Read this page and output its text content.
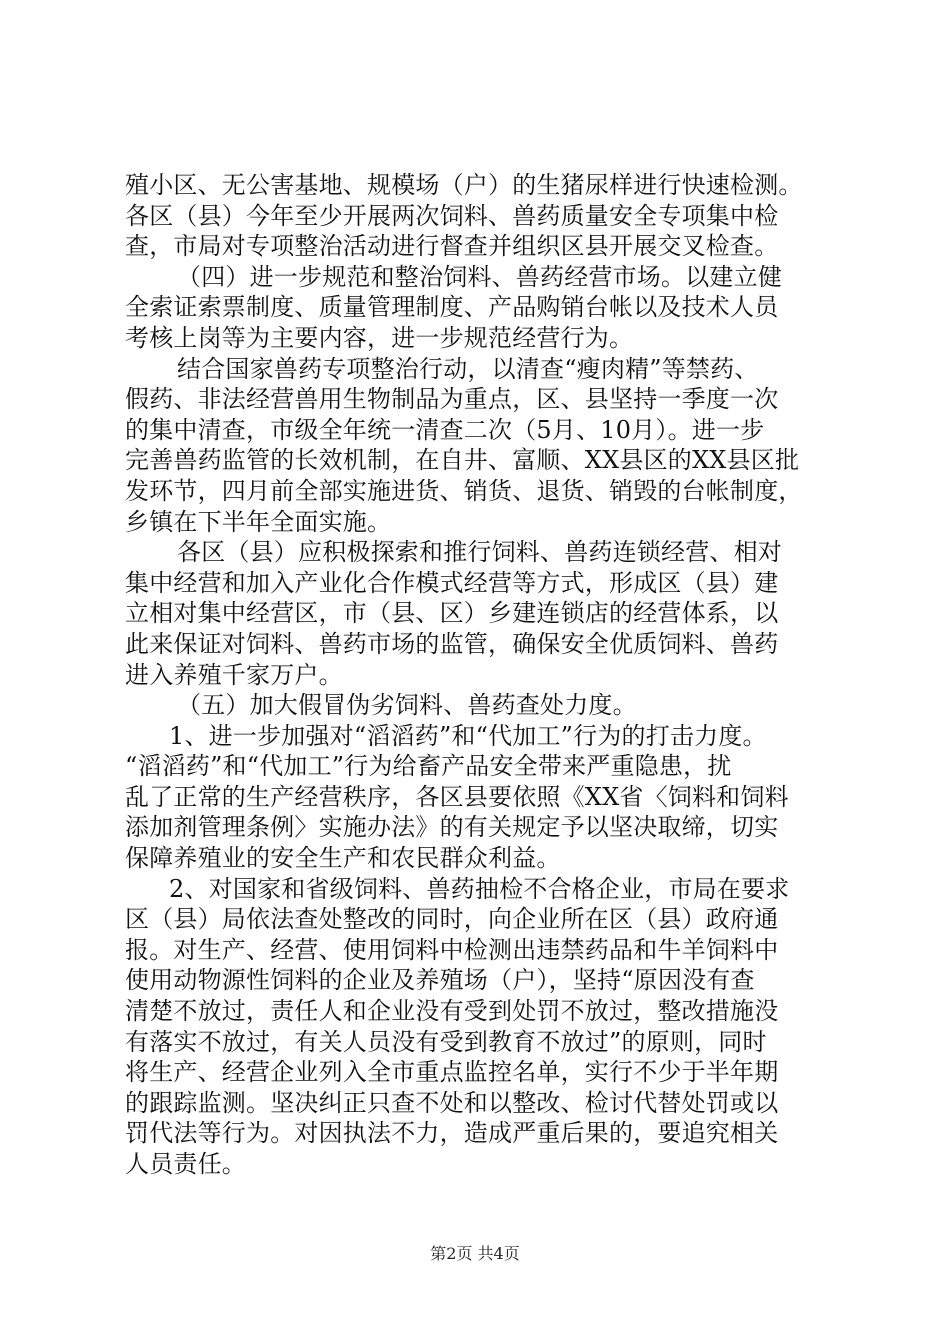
殖小区、无公害基地、规模场（户）的生猪尿样进行快速检测。
各区（县）今年至少开展两次饲料、兽药质量安全专项集中检
查，市局对专项整治活动进行督查并组织区县开展交叉检查。
（四）进一步规范和整治饲料、兽药经营市场。以建立健
全索证索票制度、质量管理制度、产品购销台帐以及技术人员
考核上岗等为主要内容，进一步规范经营行为。
结合国家兽药专项整治行动，以清查“瘦肉精”等禁药、
假药、非法经营兽用生物制品为重点，区、县坚持一季度一次
的集中清查，市级全年统一清查二次（5月、10月）。进一步
完善兽药监管的长效机制，在自井、富顺、XX县区的XX县区批
发环节，四月前全部实施进货、销货、退货、销毁的台帐制度，
乡镇在下半年全面实施。
各区（县）应积极探索和推行饲料、兽药连锁经营、相对
集中经营和加入产业化合作模式经营等方式，形成区（县）建
立相对集中经营区，市（县、区）乡建连锁店的经营体系，以
此来保证对饲料、兽药市场的监管，确保安全优质饲料、兽药
进入养殖千家万户。
（五）加大假冒伪劣饲料、兽药查处力度。
1、进一步加强对“滔滔药”和“代加工”行为的打击力度。
“滔滔药”和“代加工”行为给畜产品安全带来严重隐患，扰
乱了正常的生产经营秩序，各区县要依照《XX省〈饲料和饲料
添加剂管理条例〉实施办法》的有关规定予以坚决取缔，切实
保障养殖业的安全生产和农民群众利益。
2、对国家和省级饲料、兽药抽检不合格企业，市局在要求
区（县）局依法查处整改的同时，向企业所在区（县）政府通
报。对生产、经营、使用饲料中检测出违禁药品和牛羊饲料中
使用动物源性饲料的企业及养殖场（户），坚持“原因没有查
清楚不放过，责任人和企业没有受到处罚不放过，整改措施没
有落实不放过，有关人员没有受到教育不放过”的原则，同时
将生产、经营企业列入全市重点监控名单，实行不少于半年期
的跟踪监测。坚决纠正只查不处和以整改、检讨代替处罚或以
罚代法等行为。对因执法不力，造成严重后果的，要追究相关
人员责任。
第2页 共4页
